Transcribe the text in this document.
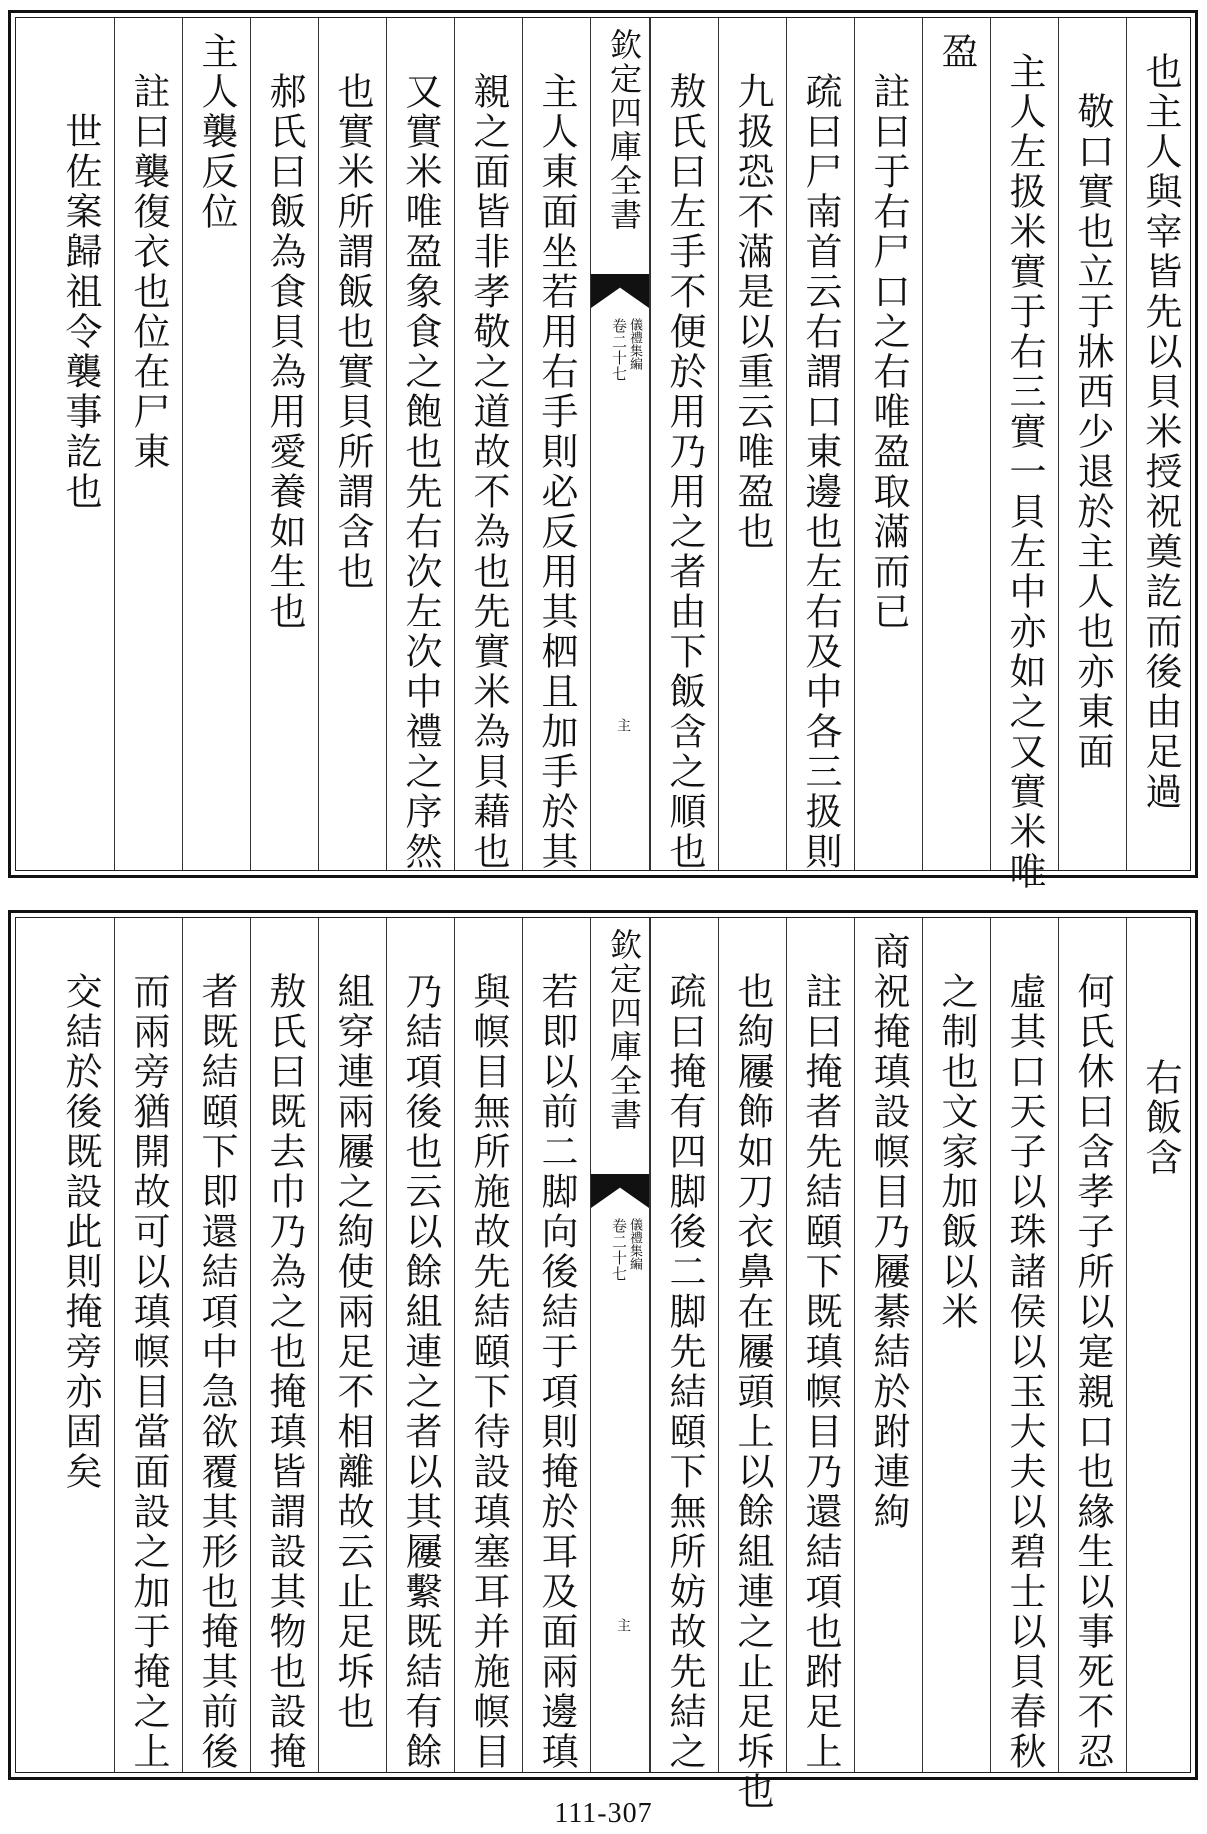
也主人與宰皆先以貝米授祝奠訖而後由足過
敬口實也立于牀西少退於主人也亦東面
主人左扱米實于右三實一貝左中亦如之又實米唯
盈
註曰于右尸口之右唯盈取滿而已
疏曰尸南首云右謂口東邊也左右及中各三扱則
九扱恐不滿是以重云唯盈也
敖氏曰左手不便於用乃用之者由下飯含之順也
欽定四庫全書
卷二十七 儀禮集編
主
主人東面坐若用右手則必反用其柶且加手於其
親之面皆非孝敬之道故不為也先實米為貝藉也
又實米唯盈象食之飽也先右次左次中禮之序然
也實米所謂飯也實貝所謂含也
郝氏曰飯為食貝為用愛養如生也
主人襲反位
註曰襲復衣也位在尸東
世佐案歸祖令襲事訖也
右飯含
何氏休曰含孝子所以寔親口也緣生以事死不忍
虛其口天子以珠諸侯以玉大夫以碧士以貝春秋
之制也文家加飯以米
商祝掩瑱設幎目乃屨綦結於跗連絇
註曰掩者先結頤下既瑱幎目乃還結項也跗足上
也絇屨飾如刀衣鼻在屨頭上以餘組連之止足坼也
疏曰掩有四脚後二脚先結頤下無所妨故先結之
欽定四庫全書
卷二十七 儀禮集編
主
若即以前二脚向後結于項則掩於耳及面兩邊瑱
與幎目無所施故先結頤下待設瑱塞耳并施幎目
乃結項後也云以餘組連之者以其屨繫既結有餘
組穿連兩屨之絇使兩足不相離故云止足坼也
敖氏曰既去巾乃為之也掩瑱皆謂設其物也設掩
者既結頤下即還結項中急欲覆其形也掩其前後
而兩旁猶開故可以瑱幎目當面設之加于掩之上
交結於後既設此則掩旁亦固矣
111-307
